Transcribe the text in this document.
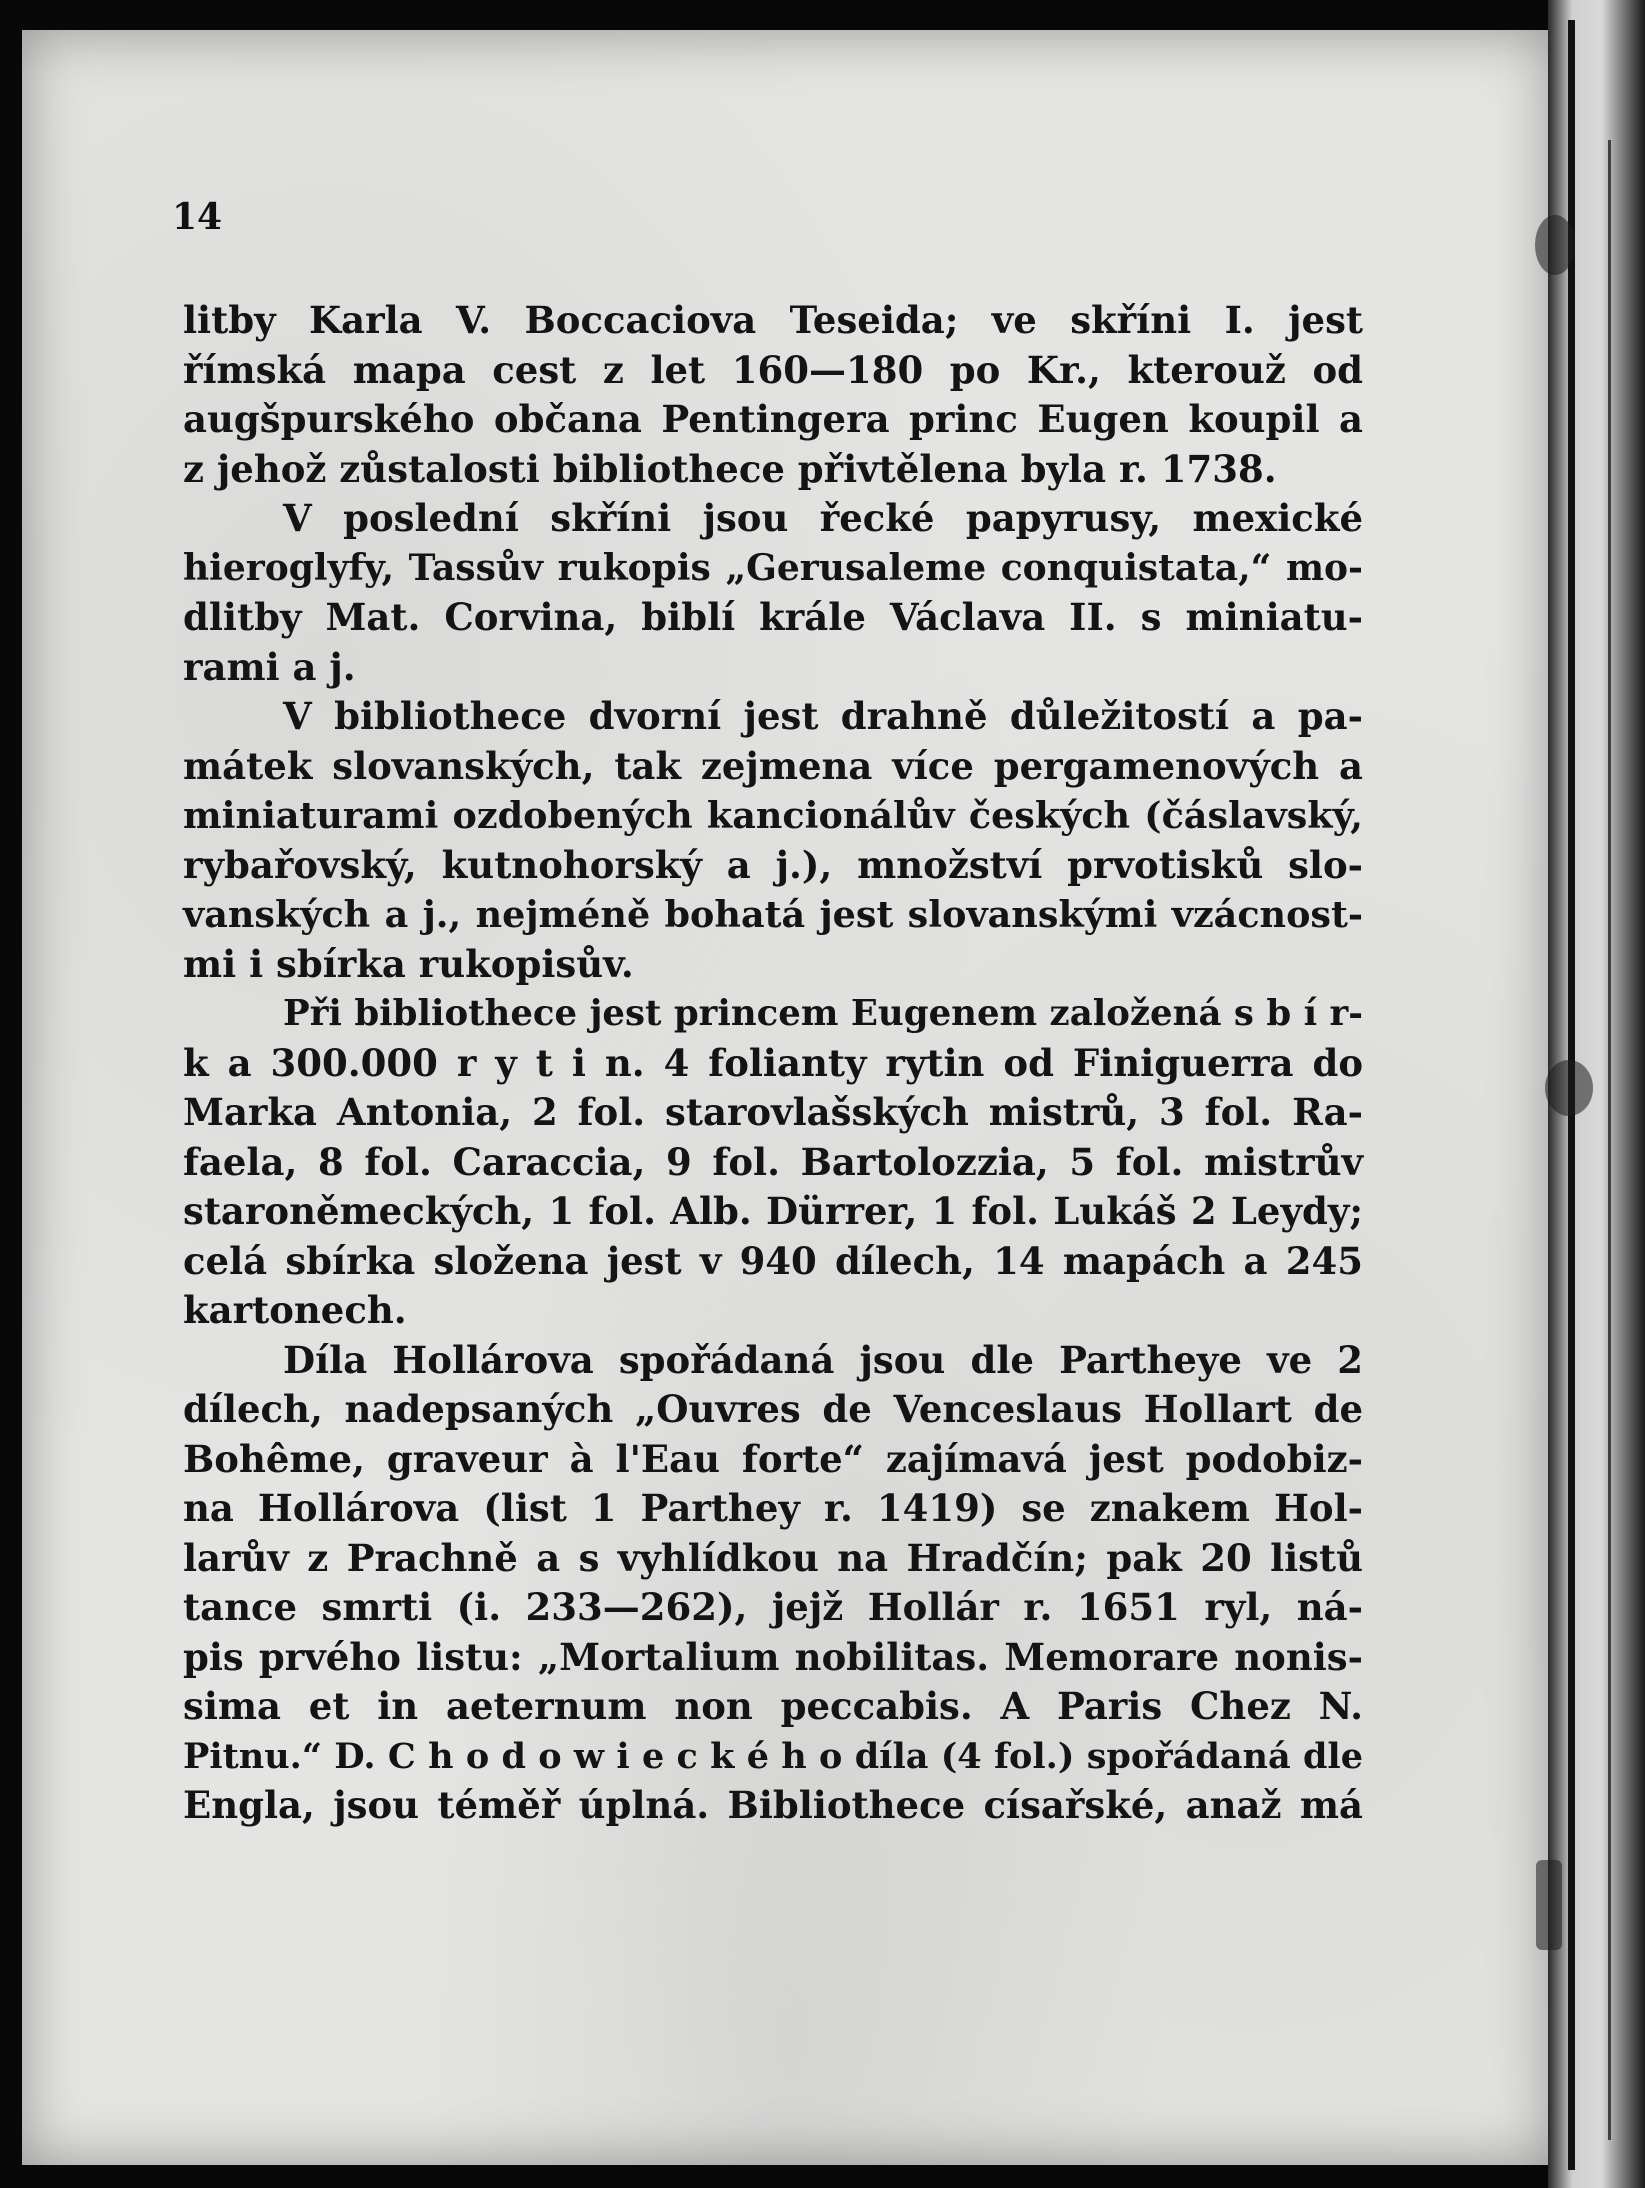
14
litby Karla V. Boccaciova Teseida; ve skříni I. jest
římská mapa cest z let 160—180 po Kr., kterouž od
augšpurského občana Pentingera princ Eugen koupil a
z jehož zůstalosti bibliothece přivtělena byla r. 1738.
V poslední skříni jsou řecké papyrusy, mexické
hieroglyfy, Tassův rukopis „Gerusaleme conquistata,“ mo-
dlitby Mat. Corvina, biblí krále Václava II. s miniatu-
rami a j.
V bibliothece dvorní jest drahně důležitostí a pa-
mátek slovanských, tak zejmena více pergamenových a
miniaturami ozdobených kancionálův českých (čáslavský,
rybařovský, kutnohorský a j.), množství prvotisků slo-
vanských a j., nejméně bohatá jest slovanskými vzácnost-
mi i sbírka rukopisův.
Při bibliothece jest princem Eugenem založená s b í r-
k a 300.000 r y t i n. 4 folianty rytin od Finiguerra do
Marka Antonia, 2 fol. starovlašských mistrů, 3 fol. Ra-
faela, 8 fol. Caraccia, 9 fol. Bartolozzia, 5 fol. mistrův
staroněmeckých, 1 fol. Alb. Dürrer, 1 fol. Lukáš 2 Leydy;
celá sbírka složena jest v 940 dílech, 14 mapách a 245
kartonech.
Díla Hollárova spořádaná jsou dle Partheye ve 2
dílech, nadepsaných „Ouvres de Venceslaus Hollart de
Bohême, graveur à l'Eau forte“ zajímavá jest podobiz-
na Hollárova (list 1 Parthey r. 1419) se znakem Hol-
larův z Prachně a s vyhlídkou na Hradčín; pak 20 listů
tance smrti (i. 233—262), jejž Hollár r. 1651 ryl, ná-
pis prvého listu: „Mortalium nobilitas. Memorare nonis-
sima et in aeternum non peccabis. A Paris Chez N.
Pitnu.“ D. C h o d o w i e c k é h o díla (4 fol.) spořádaná dle
Engla, jsou téměř úplná. Bibliothece císařské, anaž má
